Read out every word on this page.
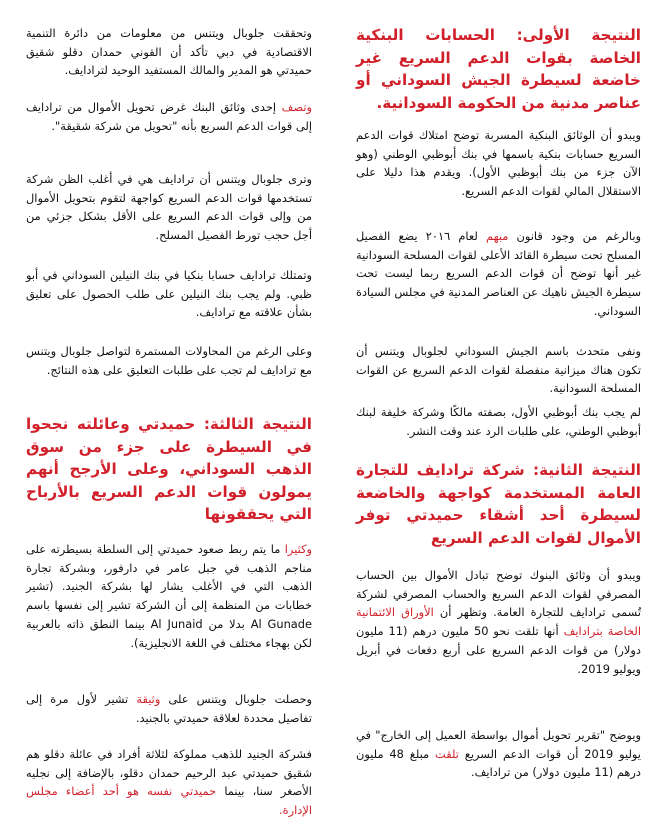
النتيجة الأولى: الحسابات البنكية الخاصة بقوات الدعم السريع غير خاضعة لسيطرة الجيش السوداني أو عناصر مدنية من الحكومة السودانية.

ويبدو أن الوثائق البنكية المسربة توضح امتلاك قوات الدعم السريع حسابات بنكية باسمها في بنك أبوظبي الوطني (وهو الآن جزء من بنك أبوظبي الأول). ويقدم هذا دليلا على الاستقلال المالي لقوات الدعم السريع.

وبالرغم من وجود قانون مبهم لعام ٢٠١٦ يضع الفصيل المسلح تحت سيطرة القائد الأعلى لقوات المسلحة السودانية غير أنها توضح أن قوات الدعم السريع ربما ليست تحت سيطرة الجيش ناهيك عن العناصر المدنية في مجلس السيادة السوداني.

ونفى متحدث باسم الجيش السوداني لجلوبال ويتنس أن تكون هناك ميزانية منفصلة لقوات الدعم السريع عن القوات المسلحة السودانية.

لم يجب بنك أبوظبي الأول، بصفته مالكًا وشركة خليفة لبنك أبوظبي الوطني، على طلبات الرد عند وقت النشر.

النتيجة الثانية: شركة ترادايف للتجارة العامة المستخدمة كواجهة والخاضعة لسيطرة أحد أشقاء حميدتي توفر الأموال لقوات الدعم السريع

ويبدو أن وثائق البنوك توضح تبادل الأموال بين الحساب المصرفي لقوات الدعم السريع والحساب المصرفي لشركة تُسمى ترادايف للتجارة العامة. وتظهر أن الأوراق الائتمانية الخاصة بترادايف أنها تلقت نحو 50 مليون درهم (11 مليون دولار) من قوات الدعم السريع على أربع دفعات في أبريل ويوليو 2019.

ويوضح "تقرير تحويل أموال بواسطة العميل إلى الخارج" في يوليو 2019 أن قوات الدعم السريع تلقت مبلغ 48 مليون درهم (11 مليون دولار) من ترادايف.

وتحققت جلوبال ويتنس من معلومات من دائرة التنمية الاقتصادية في دبي تأكد أن القوني حمدان دقلو شقيق حميدتي هو المدير والمالك المستفيد الوحيد لترادايف.

وتصف إحدى وثائق البنك غرض تحويل الأموال من ترادايف إلى قوات الدعم السريع بأنه "تحويل من شركة شقيقة".

وترى جلوبال ويتنس أن ترادايف هي في أغلب الظن شركة تستخدمها قوات الدعم السريع كواجهة لتقوم بتحويل الأموال من وإلى قوات الدعم السريع على الأقل بشكل جزئي من أجل حجب تورط الفصيل المسلح.

وتمتلك ترادايف حسابا بنكيا في بنك النيلين السوداني في أبو ظبي. ولم يجب بنك النيلين على طلب الحصول على تعليق بشأن علاقته مع ترادايف.

وعلى الرغم من المحاولات المستمرة لتواصل جلوبال ويتنس مع ترادايف لم تجب على طلبات التعليق على هذه النتائج.

النتيجة الثالثة: حميدتي وعائلته نجحوا في السيطرة على جزء من سوق الذهب السوداني، وعلى الأرجح أنهم يمولون قوات الدعم السريع بالأرباح التي يحققونها

وكثيرا ما يتم ربط صعود حميدتي إلى السلطة بسيطرته على مناجم الذهب في جبل عامر في دارفور، وبشركة تجارة الذهب التي في الأغلب يشار لها بشركة الجنيد. (تشير خطابات من المنظمة إلى أن الشركة تشير إلى نفسها باسم Al Gunade بدلا من Al Junaid بينما النطق ذاته بالعربية لكن بهجاء مختلف في اللغة الانجليزية).

وحصلت جلوبال ويتنس على وثيقة تشير لأول مرة إلى تفاصيل محددة لعلاقة حميدتي بالجنيد.

فشركة الجنيد للذهب مملوكة لثلاثة أفراد في عائلة دقلو هم شقيق حميدتي عبد الرحيم حمدان دقلو، بالإضافة إلى نجليه الأصغر سنا، بينما حميدتي نفسه هو أحد أعضاء مجلس الإدارة.
